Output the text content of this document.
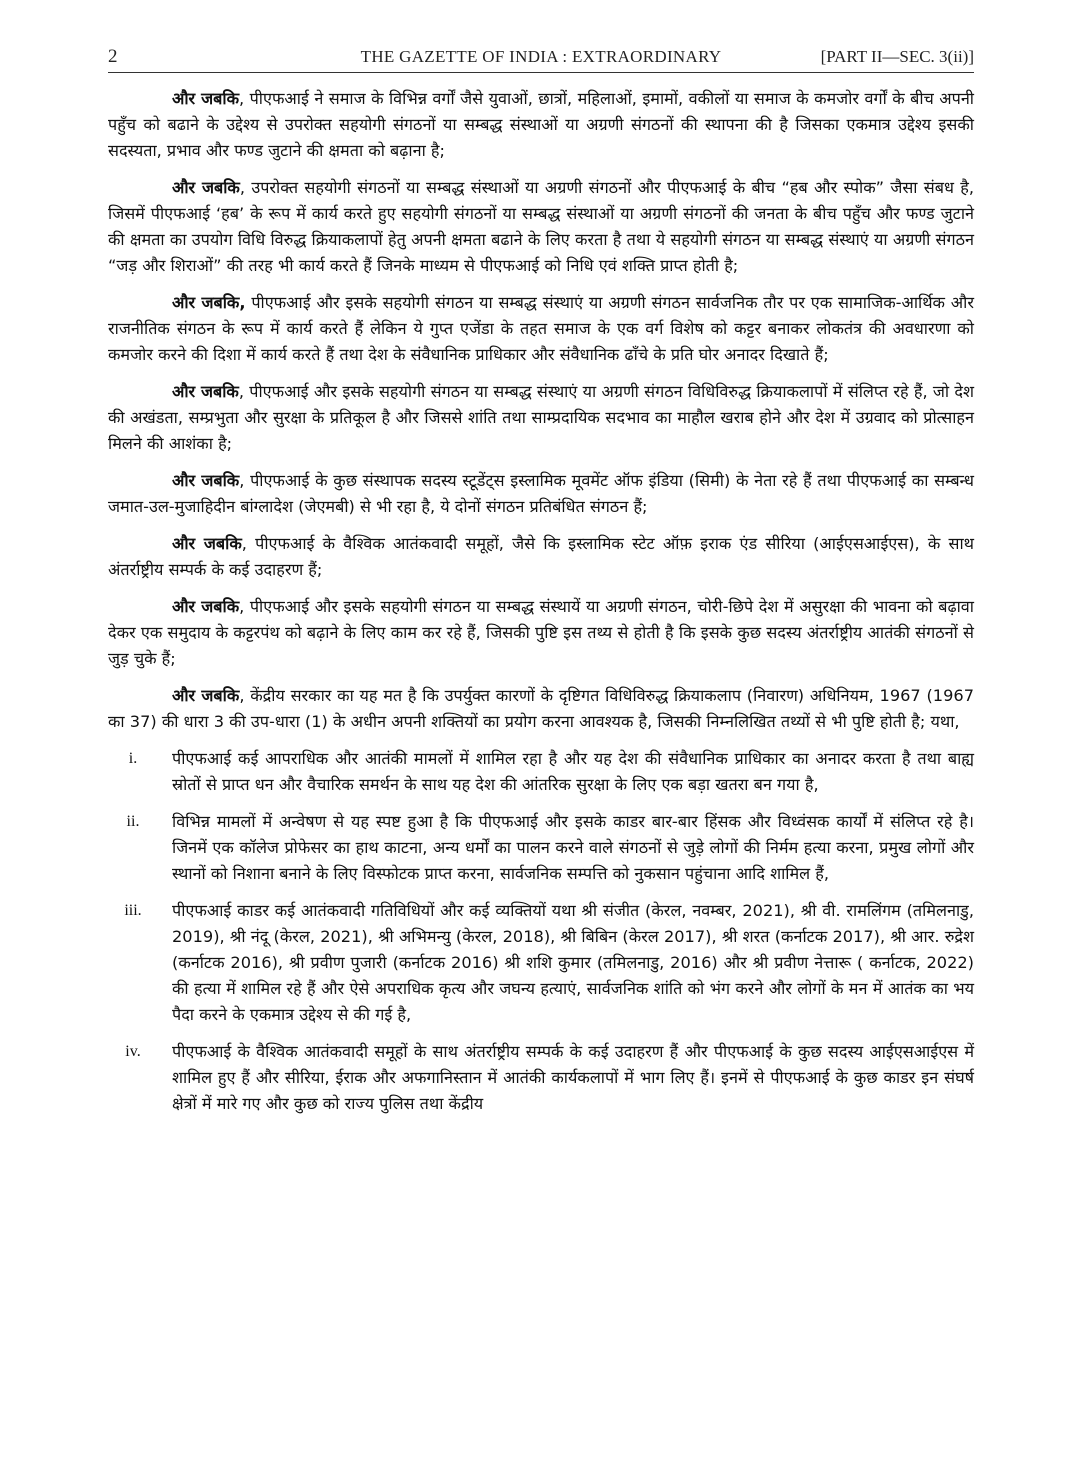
2	THE GAZETTE OF INDIA : EXTRAORDINARY	[PART II—SEC. 3(ii)]

और जबकि, पीएफआई ने समाज के विभिन्न वर्गों जैसे युवाओं, छात्रों, महिलाओं, इमामों, वकीलों या समाज के कमजोर वर्गों के बीच अपनी पहुँच को बढाने के उद्देश्य से उपरोक्त सहयोगी संगठनों या सम्बद्ध संस्थाओं या अग्रणी संगठनों की स्थापना की है जिसका एकमात्र उद्देश्य इसकी सदस्यता, प्रभाव और फण्ड जुटाने की क्षमता को बढ़ाना है;

और जबकि, उपरोक्त सहयोगी संगठनों या सम्बद्ध संस्थाओं या अग्रणी संगठनों और पीएफआई के बीच “हब और स्पोक” जैसा संबध है, जिसमें पीएफआई ‘हब’ के रूप में कार्य करते हुए सहयोगी संगठनों या सम्बद्ध संस्थाओं या अग्रणी संगठनों की जनता के बीच पहुँच और फण्ड जुटाने की क्षमता का उपयोग विधि विरुद्ध क्रियाकलापों हेतु अपनी क्षमता बढाने के लिए करता है तथा ये सहयोगी संगठन या सम्बद्ध संस्थाएं या अग्रणी संगठन “जड़ और शिराओं” की तरह भी कार्य करते हैं जिनके माध्यम से पीएफआई को निधि एवं शक्ति प्राप्त होती है;

और जबकि, पीएफआई और इसके सहयोगी संगठन या सम्बद्ध संस्थाएं या अग्रणी संगठन सार्वजनिक तौर पर एक सामाजिक-आर्थिक और राजनीतिक संगठन के रूप में कार्य करते हैं लेकिन ये गुप्त एजेंडा के तहत समाज के एक वर्ग विशेष को कट्टर बनाकर लोकतंत्र की अवधारणा को कमजोर करने की दिशा में कार्य करते हैं तथा देश के संवैधानिक प्राधिकार और संवैधानिक ढाँचे के प्रति घोर अनादर दिखाते हैं;

और जबकि, पीएफआई और इसके सहयोगी संगठन या सम्बद्ध संस्थाएं या अग्रणी संगठन विधिविरुद्ध क्रियाकलापों में संलिप्त रहे हैं, जो देश की अखंडता, सम्प्रभुता और सुरक्षा के प्रतिकूल है और जिससे शांति तथा साम्प्रदायिक सदभाव का माहौल खराब होने और देश में उग्रवाद को प्रोत्साहन मिलने की आशंका है;

और जबकि, पीएफआई के कुछ संस्थापक सदस्य स्टूडेंट्स इस्लामिक मूवमेंट ऑफ इंडिया (सिमी) के नेता रहे हैं तथा पीएफआई का सम्बन्ध जमात-उल-मुजाहिदीन बांग्लादेश (जेएमबी) से भी रहा है, ये दोनों संगठन प्रतिबंधित संगठन हैं;

और जबकि, पीएफआई के वैश्विक आतंकवादी समूहों, जैसे कि इस्लामिक स्टेट ऑफ़ इराक एंड सीरिया (आईएसआईएस), के साथ अंतर्राष्ट्रीय सम्पर्क के कई उदाहरण हैं;

और जबकि, पीएफआई और इसके सहयोगी संगठन या सम्बद्ध संस्थायें या अग्रणी संगठन, चोरी-छिपे देश में असुरक्षा की भावना को बढ़ावा देकर एक समुदाय के कट्टरपंथ को बढ़ाने के लिए काम कर रहे हैं, जिसकी पुष्टि इस तथ्य से होती है कि इसके कुछ सदस्य अंतर्राष्ट्रीय आतंकी संगठनों से जुड़ चुके हैं;

और जबकि, केंद्रीय सरकार का यह मत है कि उपर्युक्त कारणों के दृष्टिगत विधिविरुद्ध क्रियाकलाप (निवारण) अधिनियम, 1967 (1967 का 37) की धारा 3 की उप-धारा (1) के अधीन अपनी शक्तियों का प्रयोग करना आवश्यक है, जिसकी निम्नलिखित तथ्यों से भी पुष्टि होती है; यथा,

i.	पीएफआई कई आपराधिक और आतंकी मामलों में शामिल रहा है और यह देश की संवैधानिक प्राधिकार का अनादर करता है तथा बाह्य स्रोतों से प्राप्त धन और वैचारिक समर्थन के साथ यह देश की आंतरिक सुरक्षा के लिए एक बड़ा खतरा बन गया है,
ii.	विभिन्न मामलों में अन्वेषण से यह स्पष्ट हुआ है कि पीएफआई और इसके काडर बार-बार हिंसक और विध्वंसक कार्यों में संलिप्त रहे है। जिनमें एक कॉलेज प्रोफेसर का हाथ काटना, अन्य धर्मों का पालन करने वाले संगठनों से जुड़े लोगों की निर्मम हत्या करना, प्रमुख लोगों और स्थानों को निशाना बनाने के लिए विस्फोटक प्राप्त करना, सार्वजनिक सम्पत्ति को नुकसान पहुंचाना आदि शामिल हैं,
iii.	पीएफआई काडर कई आतंकवादी गतिविधियों और कई व्यक्तियों यथा श्री संजीत (केरल, नवम्बर, 2021), श्री वी. रामलिंगम (तमिलनाडु, 2019), श्री नंदू (केरल, 2021), श्री अभिमन्यु (केरल, 2018), श्री बिबिन (केरल 2017), श्री शरत (कर्नाटक 2017), श्री आर. रुद्रेश (कर्नाटक 2016), श्री प्रवीण पुजारी (कर्नाटक 2016) श्री शशि कुमार (तमिलनाडु, 2016) और श्री प्रवीण नेत्तारू ( कर्नाटक, 2022) की हत्या में शामिल रहे हैं और ऐसे अपराधिक कृत्य और जघन्य हत्याएं, सार्वजनिक शांति को भंग करने और लोगों के मन में आतंक का भय पैदा करने के एकमात्र उद्देश्य से की गई है,
iv.	पीएफआई के वैश्विक आतंकवादी समूहों के साथ अंतर्राष्ट्रीय सम्पर्क के कई उदाहरण हैं और पीएफआई के कुछ सदस्य आईएसआईएस में शामिल हुए हैं और सीरिया, ईराक और अफगानिस्तान में आतंकी कार्यकलापों में भाग लिए हैं। इनमें से पीएफआई के कुछ काडर इन संघर्ष क्षेत्रों में मारे गए और कुछ को राज्य पुलिस तथा केंद्रीय
